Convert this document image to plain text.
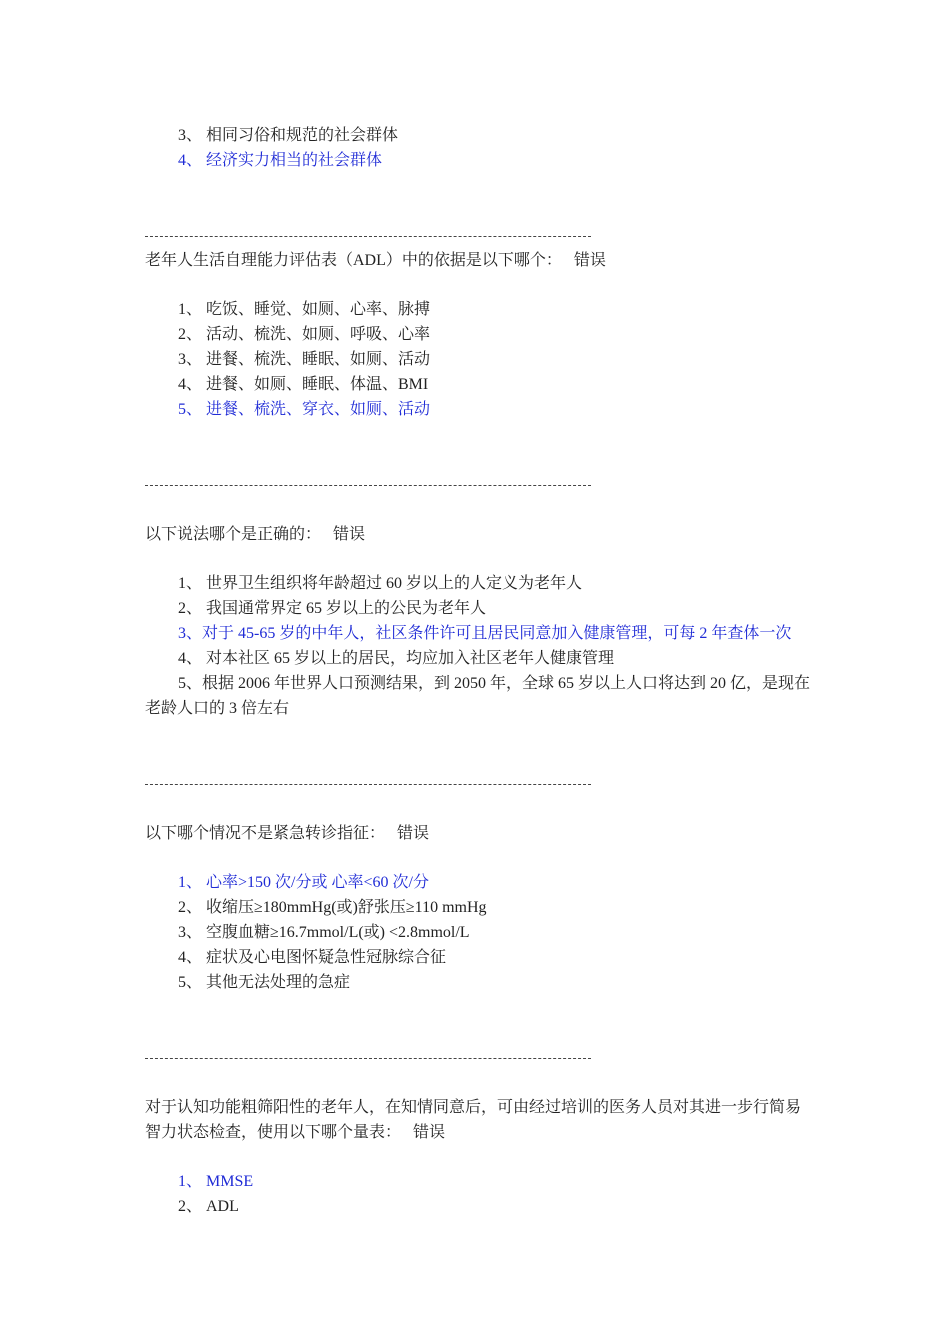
3、 相同习俗和规范的社会群体
4、 经济实力相当的社会群体
老年人生活自理能力评估表（ADL）中的依据是以下哪个： 错误
1、 吃饭、睡觉、如厕、心率、脉搏
2、 活动、梳洗、如厕、呼吸、心率
3、 进餐、梳洗、睡眠、如厕、活动
4、 进餐、如厕、睡眠、体温、BMI
5、 进餐、梳洗、穿衣、如厕、活动
以下说法哪个是正确的： 错误
1、 世界卫生组织将年龄超过 60 岁以上的人定义为老年人
2、 我国通常界定 65 岁以上的公民为老年人
3、对于 45-65 岁的中年人，社区条件许可且居民同意加入健康管理，可每 2 年查体一次
4、 对本社区 65 岁以上的居民，均应加入社区老年人健康管理
5、根据 2006 年世界人口预测结果，到 2050 年，全球 65 岁以上人口将达到 20 亿，是现在老龄人口的 3 倍左右
以下哪个情况不是紧急转诊指征： 错误
1、 心率>150 次/分或 心率<60 次/分
2、 收缩压≥180mmHg(或)舒张压≥110 mmHg
3、 空腹血糖≥16.7mmol/L(或) <2.8mmol/L
4、 症状及心电图怀疑急性冠脉综合征
5、 其他无法处理的急症
对于认知功能粗筛阳性的老年人，在知情同意后，可由经过培训的医务人员对其进一步行简易智力状态检查，使用以下哪个量表： 错误
1、 MMSE
2、 ADL
